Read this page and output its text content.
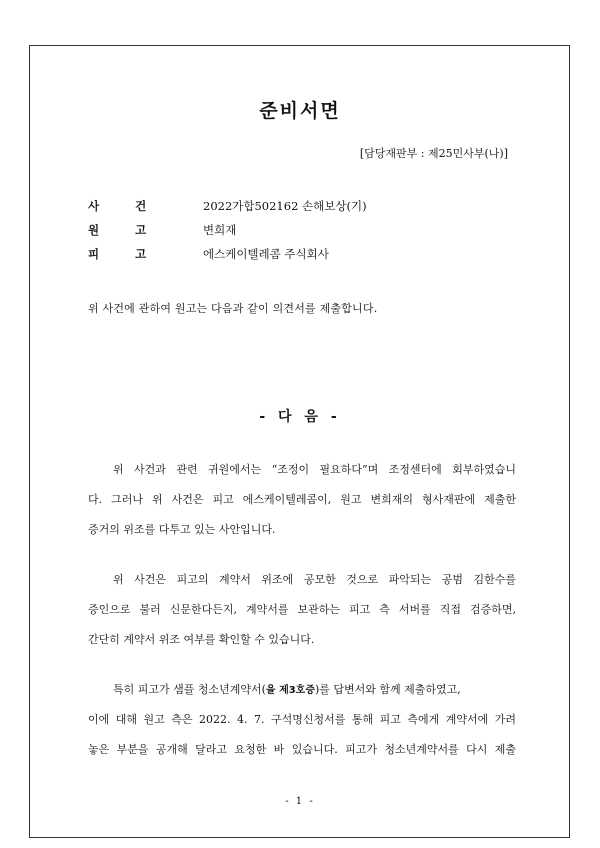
준비서면
[담당재판부 : 제25민사부(나)]
사 건	2022가합502162 손해보상(기)
원 고	변희재
피 고	에스케이텔레콤 주식회사
위 사건에 관하여 원고는 다음과 같이 의견서를 제출합니다.
- 다 음 -
위 사건과 관련 귀원에서는 “조정이 필요하다”며 조정센터에 회부하였습니
다. 그러나 위 사건은 피고 에스케이텔레콤이, 원고 변희재의 형사재판에 제출한
증거의 위조를 다투고 있는 사안입니다.
위 사건은 피고의 계약서 위조에 공모한 것으로 파악되는 공범 김한수를
증인으로 불러 신문한다든지, 계약서를 보관하는 피고 측 서버를 직접 검증하면,
간단히 계약서 위조 여부를 확인할 수 있습니다.
특히 피고가 샘플 청소년계약서(을 제3호증)를 답변서와 함께 제출하였고,
이에 대해 원고 측은 2022. 4. 7. 구석명신청서를 통해 피고 측에게 계약서에 가려
놓은 부분을 공개해 달라고 요청한 바 있습니다. 피고가 청소년계약서를 다시 제출
- 1 -
